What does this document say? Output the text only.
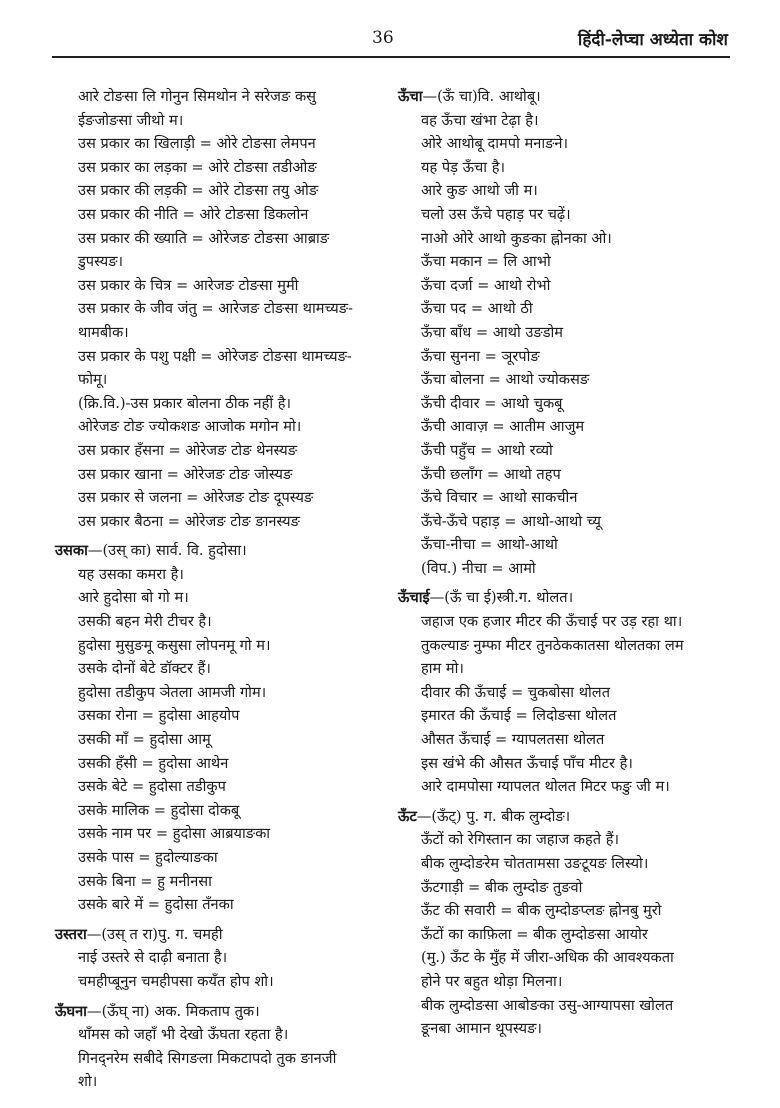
36	हिंदी-लेप्चा अध्येता कोश
आरे टोङसा लि गोनुन सिमथोन ने सरेजङ कसु
ईङजोङसा जीथो म।
उस प्रकार का खिलाड़ी = ओरे टोङसा लेमपन
उस प्रकार का लड़का = ओरे टोङसा तडीओङ
उस प्रकार की लड़की = ओरे टोङसा तयु ओङ
उस प्रकार की नीति = ओरे टोङसा डिकलोन
उस प्रकार की ख्याति = ओरेजङ टोङसा आब्राङ
डुपस्यङ।
उस प्रकार के चित्र = आरेजङ टोङसा मुमी
उस प्रकार के जीव जंतु = आरेजङ टोङसा थामच्यङ-
थामबीक।
उस प्रकार के पशु पक्षी = ओरेजङ टोङसा थामच्यङ-
फोमू।
(क्रि.वि.)-उस प्रकार बोलना ठीक नहीं है।
ओरेजङ टोङ ज्योकशङ आजोक मगोन मो।
उस प्रकार हँसना = ओरेजङ टोङ थेनस्यङ
उस प्रकार खाना = ओरेजङ टोङ जोस्यङ
उस प्रकार से जलना = ओरेजङ टोङ दूपस्यङ
उस प्रकार बैठना = ओरेजङ टोङ ङानस्यङ
उसका—(उस् का) सार्व. वि. हुदोसा।
यह उसका कमरा है।
आरे हुदोसा बो गो म।
उसकी बहन मेरी टीचर है।
हुदोसा मुसुङमू कसुसा लोपनमू गो म।
उसके दोनों बेटे डॉक्टर हैं।
हुदोसा तडीकुप ञेतला आमजी गोम।
उसका रोना = हुदोसा आहयोप
उसकी माँ = हुदोसा आमू
उसकी हँसी = हुदोसा आथेन
उसके बेटे = हुदोसा तडीकुप
उसके मालिक = हुदोसा दोकबू
उसके नाम पर = हुदोसा आब्रयाङका
उसके पास = हुदोल्याङका
उसके बिना = हु मनीनसा
उसके बारे में = हुदोसा तँनका
उस्तरा—(उस् त रा)पु. ग. चमही
नाई उस्तरे से दाढ़ी बनाता है।
चमहीप्बूनुन चमहीपसा कयँत होप शो।
ऊँघना—(ऊँघ् ना) अक. मिकताप तुक।
थाँमस को जहाँ भी देखो ऊँघता रहता है।
गिनद्नरेम सबीदे सिगङला मिकटापदो तुक ङानजी
शो।
ऊँचा—(ऊँ चा)वि. आथोबू।
वह ऊँचा खंभा टेढ़ा है।
ओरे आथोबू दामपो मनाङने।
यह पेड़ ऊँचा है।
आरे कुङ आथो जी म।
चलो उस ऊँचे पहाड़ पर चढ़ें।
नाओ ओरे आथो कुङका ह्नोनका ओ।
ऊँचा मकान = लि आभो
ऊँचा दर्जा = आथो रोभो
ऊँचा पद = आथो ठी
ऊँचा बाँध = आथो उङडोम
ऊँचा सुनना = ञूरपोङ
ऊँचा बोलना = आथो ज्योकसङ
ऊँची दीवार = आथो चुकबू
ऊँची आवाज़ = आतीम आजुम
ऊँची पहुँच = आथो रव्यो
ऊँची छलाँग = आथो तहप
ऊँचे विचार = आथो साकचीन
ऊँचे-ऊँचे पहाड़ = आथो-आथो च्यू
ऊँचा-नीचा = आथो-आथो
(विप.) नीचा = आमो
ऊँचाई—(ऊँ चा ई)स्त्री.ग. थोलत।
जहाज एक हजार मीटर की ऊँचाई पर उड़ रहा था।
तुकल्याङ नुम्फा मीटर तुनठेककातसा थोलतका लम
हाम मो।
दीवार की ऊँचाई = चुकबोसा थोलत
इमारत की ऊँचाई = लिदोङसा थोलत
औसत ऊँचाई = ग्यापलतसा थोलत
इस खंभे की औसत ऊँचाई पाँच मीटर है।
आरे दामपोसा ग्यापलत थोलत मिटर फङु जी म।
ऊँट—(ऊँट्) पु. ग. बीक लुम्दोङ।
ऊँटों को रेगिस्तान का जहाज कहते हैं।
बीक लुम्दोङरेम चोततामसा उङटूयङ लिस्यो।
ऊँटगाड़ी = बीक लुम्दोङ तुङवो
ऊँट की सवारी = बीक लुम्दोङप्लङ ह्नोनबु मुरो
ऊँटों का काफ़िला = बीक लुम्दोङसा आयोर
(मु.) ऊँट के मुँह में जीरा-अधिक की आवश्यकता
होने पर बहुत थोड़ा मिलना।
बीक लुम्दोङसा आबोङका उसु-आग्यापसा खोलत
ङूनबा आमान थूपस्यङ।
